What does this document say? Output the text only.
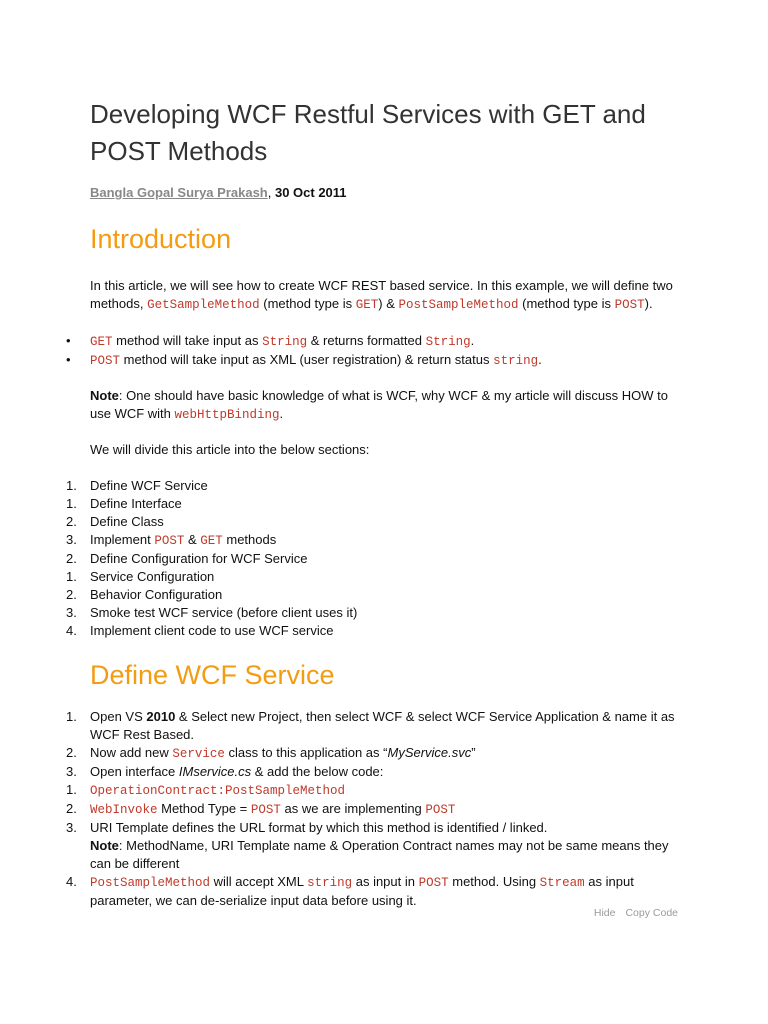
Developing WCF Restful Services with GET and POST Methods
Bangla Gopal Surya Prakash, 30 Oct 2011
Introduction
In this article, we will see how to create WCF REST based service. In this example, we will define two methods, GetSampleMethod (method type is GET) & PostSampleMethod (method type is POST).
• GET method will take input as String & returns formatted String.
• POST method will take input as XML (user registration) & return status string.
Note: One should have basic knowledge of what is WCF, why WCF & my article will discuss HOW to use WCF with webHttpBinding.
We will divide this article into the below sections:
1. Define WCF Service
1. Define Interface
2. Define Class
3. Implement POST & GET methods
2. Define Configuration for WCF Service
1. Service Configuration
2. Behavior Configuration
3. Smoke test WCF service (before client uses it)
4. Implement client code to use WCF service
Define WCF Service
1. Open VS 2010 & Select new Project, then select WCF & select WCF Service Application & name it as WCF Rest Based.
2. Now add new Service class to this application as “MyService.svc”
3. Open interface IMservice.cs & add the below code:
1. OperationContract:PostSampleMethod
2. WebInvoke Method Type = POST as we are implementing POST
3. URI Template defines the URL format by which this method is identified / linked.
Note: MethodName, URI Template name & Operation Contract names may not be same means they can be different
4. PostSampleMethod will accept XML string as input in POST method. Using Stream as input parameter, we can de-serialize input data before using it.
Hide Copy Code
